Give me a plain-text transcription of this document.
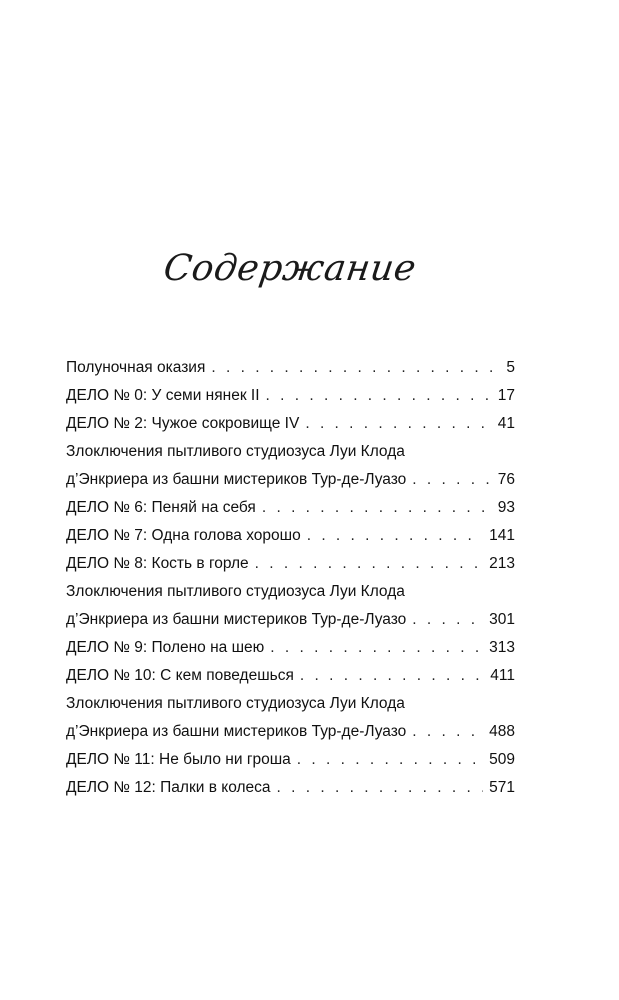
Содержание
Полуночная оказия . . .	5
ДЕЛО № 0: У семи нянек II . . .	17
ДЕЛО № 2: Чужое сокровище IV . . .	41
Злоключения пытливого студиозуса Луи Клода
д’Энкриера из башни мистериков Тур-де-Луазо . . .	76
ДЕЛО № 6: Пеняй на себя . . .	93
ДЕЛО № 7: Одна голова хорошо . . .	141
ДЕЛО № 8: Кость в горле . . .	213
Злоключения пытливого студиозуса Луи Клода
д’Энкриера из башни мистериков Тур-де-Луазо . . .	301
ДЕЛО № 9: Полено на шею . . .	313
ДЕЛО № 10: С кем поведешься . . .	411
Злоключения пытливого студиозуса Луи Клода
д’Энкриера из башни мистериков Тур-де-Луазо . . .	488
ДЕЛО № 11: Не было ни гроша . . .	509
ДЕЛО № 12: Палки в колеса . . .	571
